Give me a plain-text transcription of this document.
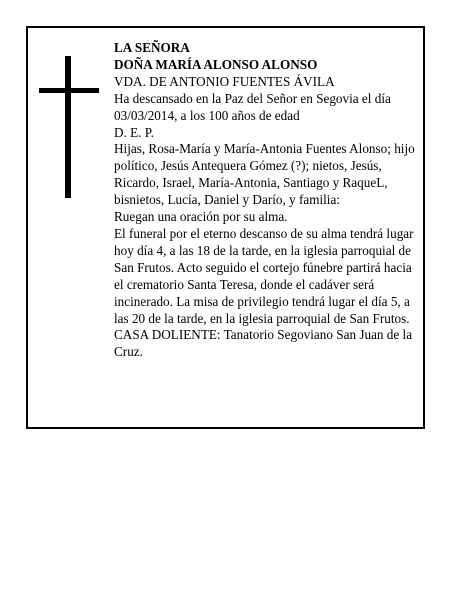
LA SEÑORA

DOÑA MARÍA ALONSO ALONSO

VDA. DE ANTONIO FUENTES ÁVILA

Ha descansado en la Paz del Señor en Segovia el día 03/03/2014, a los 100 años de edad

D. E. P.

Hijas, Rosa-María y María-Antonia Fuentes Alonso; hijo político, Jesús Antequera Gómez (?); nietos, Jesús, Ricardo, Israel, María-Antonia, Santiago y RaqueL, bisnietos, Lucía, Daniel y Darío, y familia:

Ruegan una oración por su alma.

El funeral por el eterno descanso de su alma tendrá lugar hoy día 4, a las 18 de la tarde, en la iglesia parroquial de San Frutos. Acto seguido el cortejo fúnebre partirá hacia el crematorio Santa Teresa, donde el cadáver será incinerado. La misa de privilegio tendrá lugar el día 5, a las 20 de la tarde, en la iglesia parroquial de San Frutos.

CASA DOLIENTE: Tanatorio Segoviano San Juan de la Cruz.
